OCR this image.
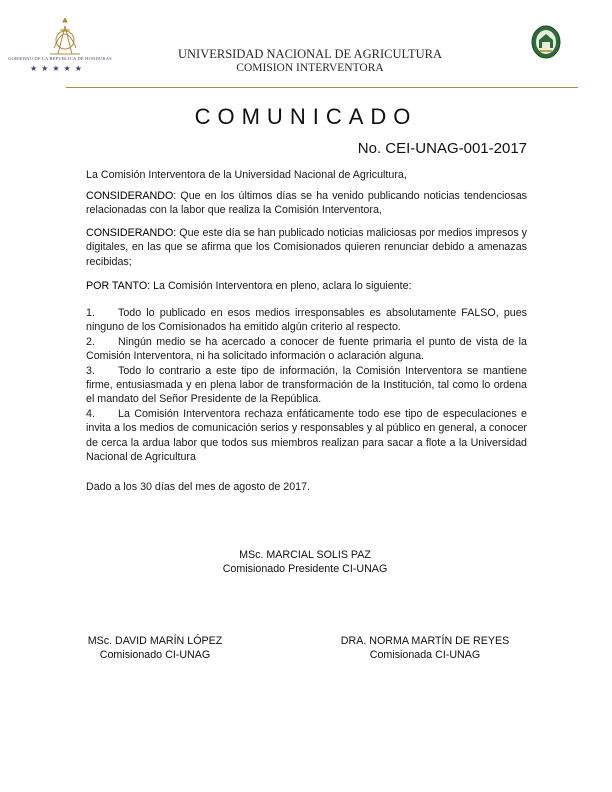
GOBIERNO DE LA REPUBLICA DE HONDURAS
★★★★★
UNIVERSIDAD NACIONAL DE AGRICULTURA
COMISION INTERVENTORA
COMUNICADO
No. CEI-UNAG-001-2017
La Comisión Interventora de la Universidad Nacional de Agricultura,
CONSIDERANDO: Que en los últimos días se ha venido publicando noticias tendenciosas relacionadas con la labor que realiza la Comisión Interventora,
CONSIDERANDO: Que este día se han publicado noticias maliciosas por medios impresos y digitales, en las que se afirma que los Comisionados quieren renunciar debido a amenazas recibidas;
POR TANTO: La Comisión Interventora en pleno, aclara lo siguiente:
1. Todo lo publicado en esos medios irresponsables es absolutamente FALSO, pues ninguno de los Comisionados ha emitido algún criterio al respecto.
2. Ningún medio se ha acercado a conocer de fuente primaria el punto de vista de la Comisión Interventora, ni ha solicitado información o aclaración alguna.
3. Todo lo contrario a este tipo de información, la Comisión Interventora se mantiene firme, entusiasmada y en plena labor de transformación de la Institución, tal como lo ordena el mandato del Señor Presidente de la República.
4. La Comisión Interventora rechaza enfáticamente todo ese tipo de especulaciones e invita a los medios de comunicación serios y responsables y al público en general, a conocer de cerca la ardua labor que todos sus miembros realizan para sacar a flote a la Universidad Nacional de Agricultura
Dado a los 30 días del mes de agosto de 2017.
MSc. MARCIAL SOLIS PAZ
Comisionado Presidente CI-UNAG
MSc. DAVID MARÍN LÓPEZ
Comisionado CI-UNAG
DRA. NORMA MARTÍN DE REYES
Comisionada CI-UNAG
